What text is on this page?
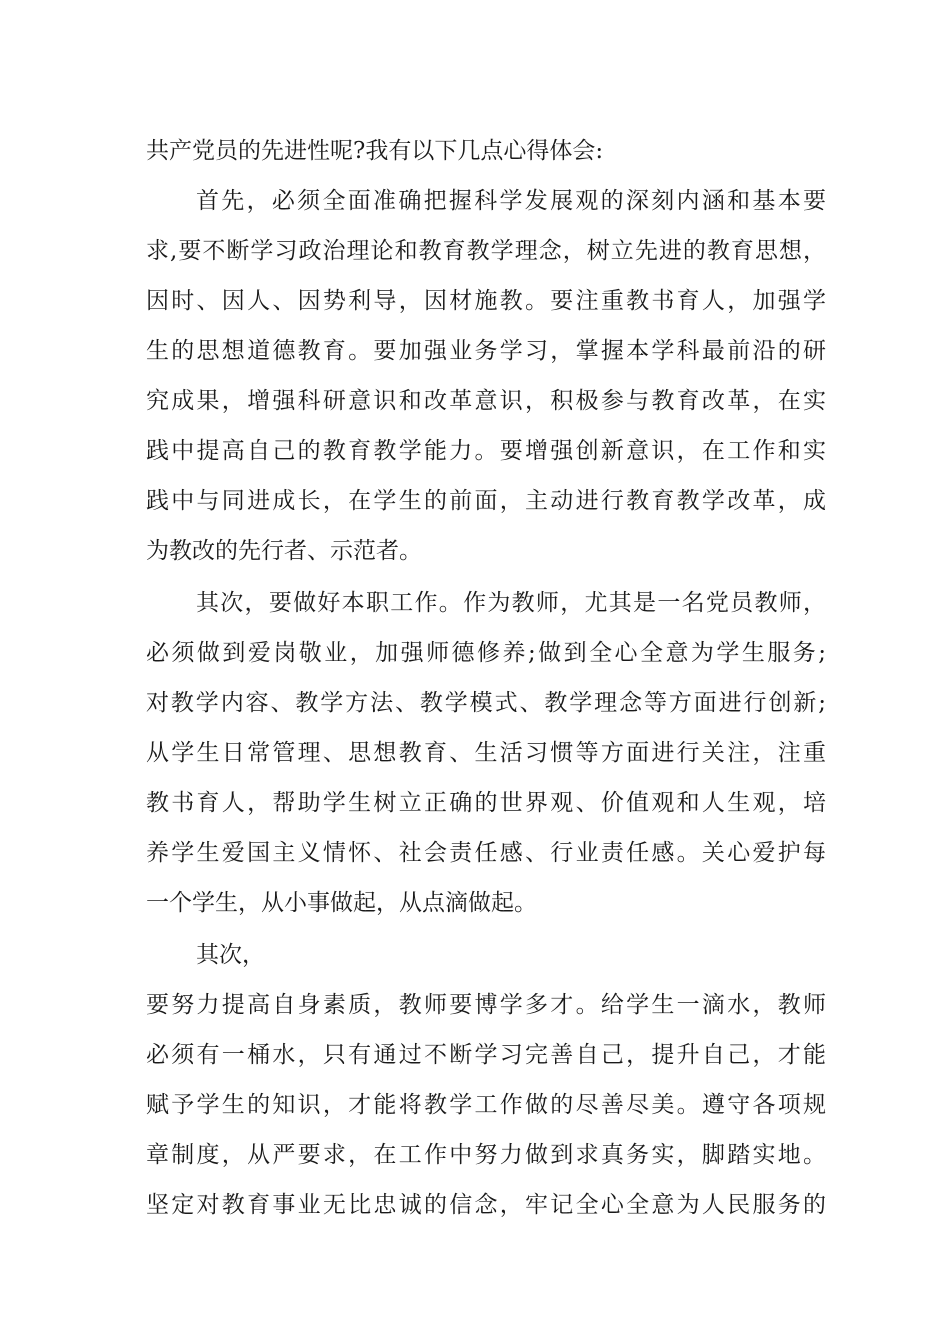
共产党员的先进性呢?我有以下几点心得体会:
首先，必须全面准确把握科学发展观的深刻内涵和基本要
求,要不断学习政治理论和教育教学理念，树立先进的教育思想，
因时、因人、因势利导，因材施教。要注重教书育人，加强学
生的思想道德教育。要加强业务学习，掌握本学科最前沿的研
究成果，增强科研意识和改革意识，积极参与教育改革，在实
践中提高自己的教育教学能力。要增强创新意识，在工作和实
践中与同进成长，在学生的前面，主动进行教育教学改革，成
为教改的先行者、示范者。
其次，要做好本职工作。作为教师，尤其是一名党员教师，
必须做到爱岗敬业，加强师德修养;做到全心全意为学生服务;
对教学内容、教学方法、教学模式、教学理念等方面进行创新;
从学生日常管理、思想教育、生活习惯等方面进行关注，注重
教书育人，帮助学生树立正确的世界观、价值观和人生观，培
养学生爱国主义情怀、社会责任感、行业责任感。关心爱护每
一个学生，从小事做起，从点滴做起。
其次，
要努力提高自身素质，教师要博学多才。给学生一滴水，教师
必须有一桶水，只有通过不断学习完善自己，提升自己，才能
赋予学生的知识，才能将教学工作做的尽善尽美。遵守各项规
章制度，从严要求，在工作中努力做到求真务实，脚踏实地。
坚定对教育事业无比忠诚的信念，牢记全心全意为人民服务的
